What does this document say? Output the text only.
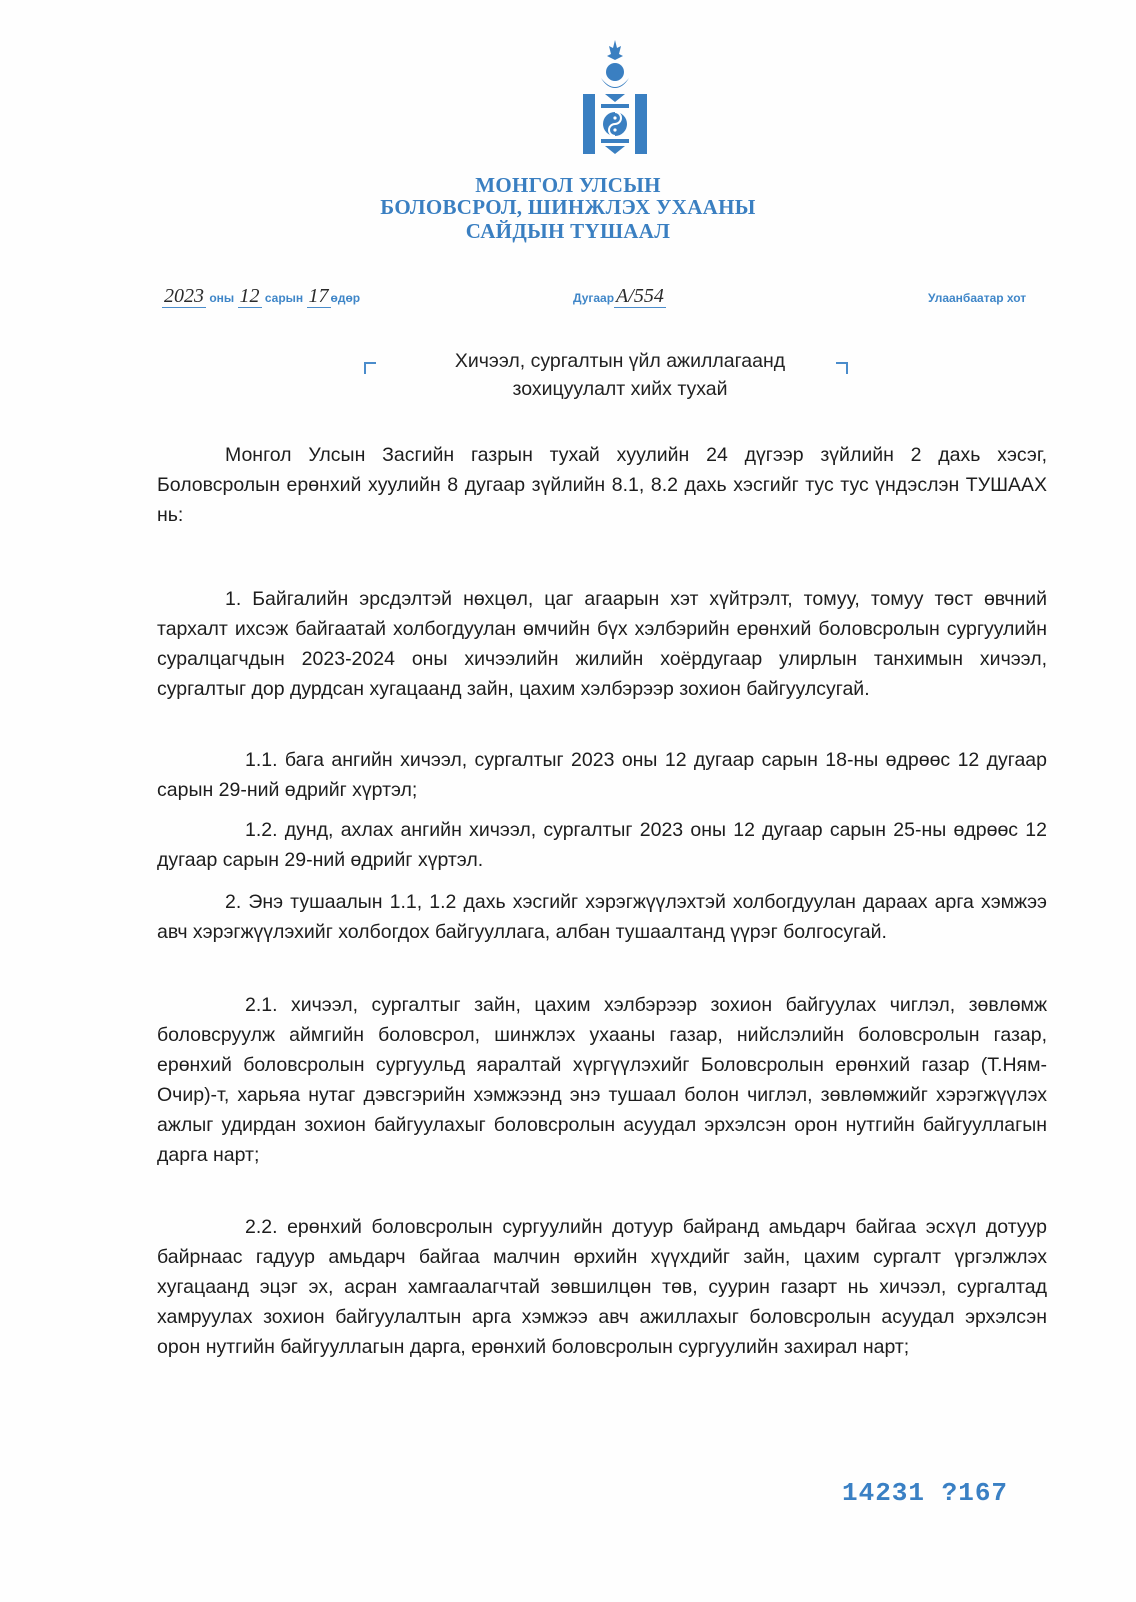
МОНГОЛ УЛСЫН
БОЛОВСРОЛ, ШИНЖЛЭХ УХААНЫ
САЙДЫН ТҮШААЛ
2023 оны 12 сарын 17 өдөр	Дугаар А/554	Улаанбаатар хот
Хичээл, сургалтын үйл ажиллагаанд
зохицуулалт хийх тухай
Монгол Улсын Засгийн газрын тухай хуулийн 24 дүгээр зүйлийн 2 дахь хэсэг, Боловсролын ерөнхий хуулийн 8 дугаар зүйлийн 8.1, 8.2 дахь хэсгийг тус тус үндэслэн ТУШААХ нь:
1. Байгалийн эрсдэлтэй нөхцөл, цаг агаарын хэт хүйтрэлт, томуу, томуу төст өвчний тархалт ихсэж байгаатай холбогдуулан өмчийн бүх хэлбэрийн ерөнхий боловсролын сургуулийн суралцагчдын 2023-2024 оны хичээлийн жилийн хоёрдугаар улирлын танхимын хичээл, сургалтыг дор дурдсан хугацаанд зайн, цахим хэлбэрээр зохион байгуулсугай.
1.1. бага ангийн хичээл, сургалтыг 2023 оны 12 дугаар сарын 18-ны өдрөөс 12 дугаар сарын 29-ний өдрийг хүртэл;
1.2. дунд, ахлах ангийн хичээл, сургалтыг 2023 оны 12 дугаар сарын 25-ны өдрөөс 12 дугаар сарын 29-ний өдрийг хүртэл.
2. Энэ тушаалын 1.1, 1.2 дахь хэсгийг хэрэгжүүлэхтэй холбогдуулан дараах арга хэмжээ авч хэрэгжүүлэхийг холбогдох байгууллага, албан тушаалтанд үүрэг болгосугай.
2.1. хичээл, сургалтыг зайн, цахим хэлбэрээр зохион байгуулах чиглэл, зөвлөмж боловсруулж аймгийн боловсрол, шинжлэх ухааны газар, нийслэлийн боловсролын газар, ерөнхий боловсролын сургуульд яаралтай хүргүүлэхийг Боловсролын ерөнхий газар (Т.Ням-Очир)-т, харьяа нутаг дэвсгэрийн хэмжээнд энэ тушаал болон чиглэл, зөвлөмжийг хэрэгжүүлэх ажлыг удирдан зохион байгуулахыг боловсролын асуудал эрхэлсэн орон нутгийн байгууллагын дарга нарт;
2.2. ерөнхий боловсролын сургуулийн дотуур байранд амьдарч байгаа эсхүл дотуур байрнаас гадуур амьдарч байгаа малчин өрхийн хүүхдийг зайн, цахим сургалт үргэлжлэх хугацаанд эцэг эх, асран хамгаалагчтай зөвшилцөн төв, суурин газарт нь хичээл, сургалтад хамруулах зохион байгуулалтын арга хэмжээ авч ажиллахыг боловсролын асуудал эрхэлсэн орон нутгийн байгууллагын дарга, ерөнхий боловсролын сургуулийн захирал нарт;
14231 ?167
